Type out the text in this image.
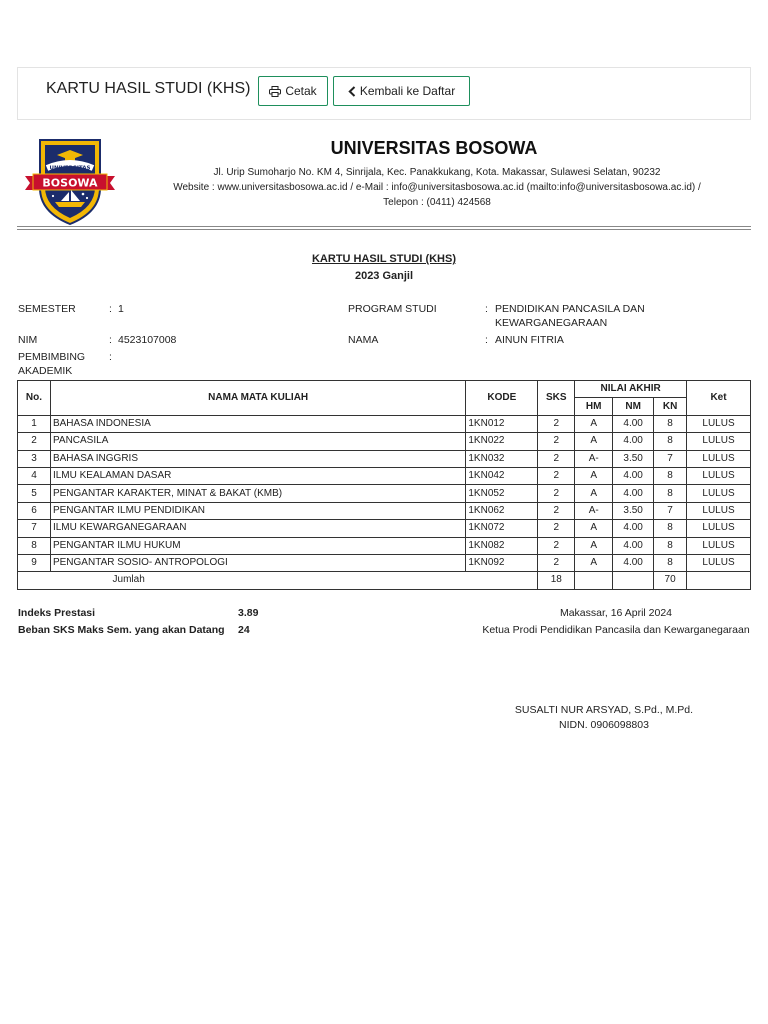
KARTU HASIL STUDI (KHS)	Cetak	Kembali ke Daftar
UNIVERSITAS
BOSOWA
UNIVERSITAS BOSOWA
Jl. Urip Sumoharjo No. KM 4, Sinrijala, Kec. Panakkukang, Kota. Makassar, Sulawesi Selatan, 90232
Website : www.universitasbosowa.ac.id / e-Mail : info@universitasbosowa.ac.id (mailto:info@universitasbosowa.ac.id) /
Telepon : (0411) 424568
KARTU HASIL STUDI (KHS)
2023 Ganjil
SEMESTER	: 1	PROGRAM STUDI	: PENDIDIKAN PANCASILA DAN
KEWARGANEGARAAN
NIM	: 4523107008	NAMA	: AINUN FITRIA
PEMBIMBING
AKADEMIK
:
No.	NAMA MATA KULIAH	KODE	SKS	NILAI AKHIR			Ket
				HM	NM	KN	
1	BAHASA INDONESIA	1KN012	2	A	4.00	8	LULUS
2	PANCASILA	1KN022	2	A	4.00	8	LULUS
3	BAHASA INGGRIS	1KN032	2	A-	3.50	7	LULUS
4	ILMU KEALAMAN DASAR	1KN042	2	A	4.00	8	LULUS
5	PENGANTAR KARAKTER, MINAT & BAKAT (KMB)	1KN052	2	A	4.00	8	LULUS
6	PENGANTAR ILMU PENDIDIKAN	1KN062	2	A-	3.50	7	LULUS
7	ILMU KEWARGANEGARAAN	1KN072	2	A	4.00	8	LULUS
8	PENGANTAR ILMU HUKUM	1KN082	2	A	4.00	8	LULUS
9	PENGANTAR SOSIO- ANTROPOLOGI	1KN092	2	A	4.00	8	LULUS
Jumlah			18			70	
Indeks Prestasi	3.89
Beban SKS Maks Sem. yang akan Datang 24
Makassar, 16 April 2024
Ketua Prodi Pendidikan Pancasila dan Kewarganegaraan
SUSALTI NUR ARSYAD, S.Pd., M.Pd.
NIDN. 0906098803
